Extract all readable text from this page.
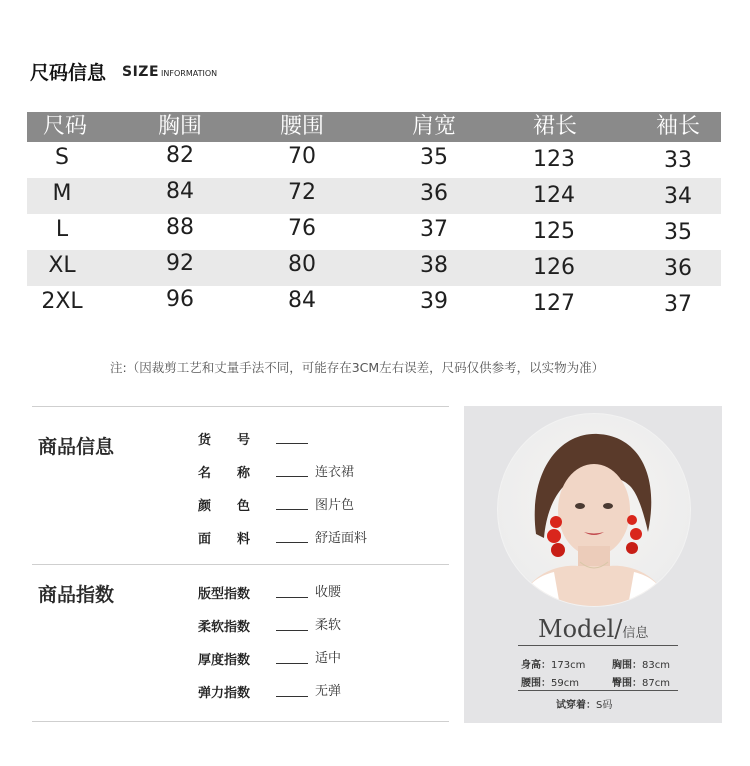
尺码信息 SIZE INFORMATION
尺码	胸围	腰围	肩宽	裙长	袖长
S	82	70	35	123	33
M	84	72	36	124	34
L	88	76	37	125	35
XL	92	80	38	126	36
2XL	96	84	39	127	37
注:（因裁剪工艺和丈量手法不同，可能存在3CM左右误差，尺码仅供参考，以实物为准）
商品信息	货　　号
名　　称	连衣裙
颜　　色	图片色
面　　料	舒适面料
商品指数	版型指数	收腰
柔软指数	柔软
厚度指数	适中
弹力指数	无弹
Model/信息
身高：173cm	胸围：83cm
腰围：59cm	臀围：87cm
试穿着：S码
